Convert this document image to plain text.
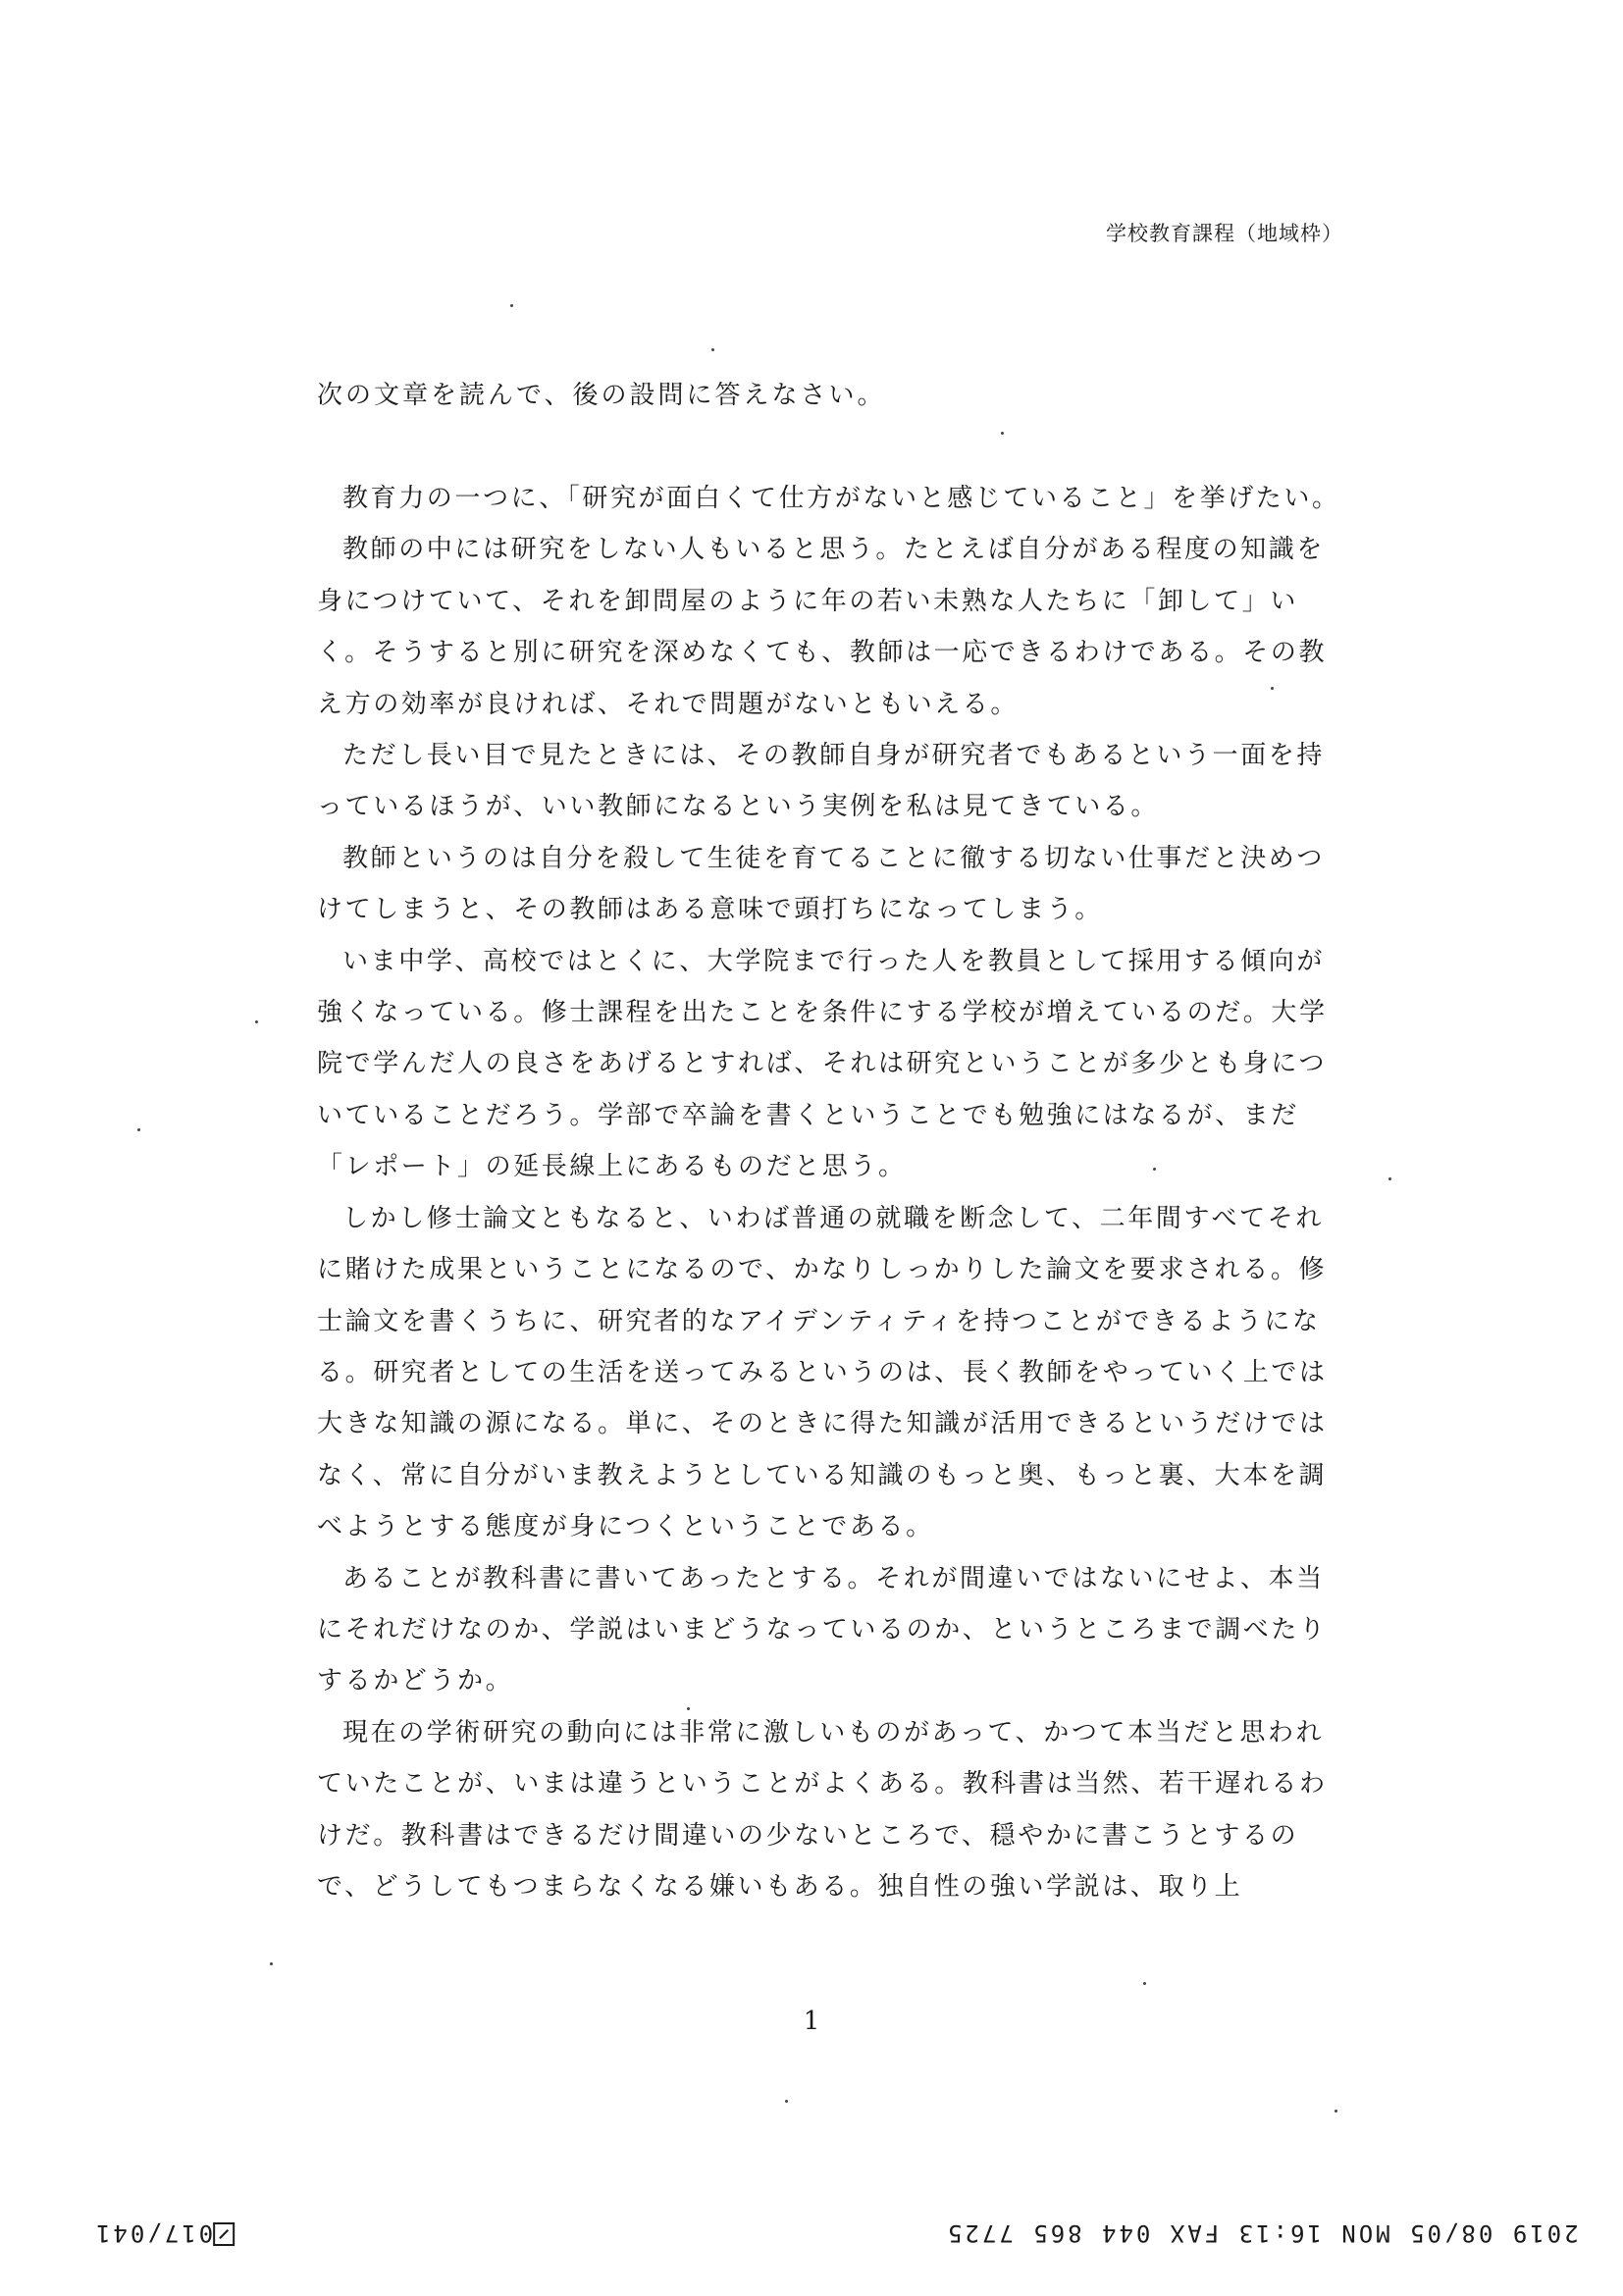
学校教育課程（地域枠）
次の文章を読んで、後の設問に答えなさい。

教育力の一つに、「研究が面白くて仕方がないと感じていること」を挙げたい。

教師の中には研究をしない人もいると思う。たとえば自分がある程度の知識を身につけていて、それを卸問屋のように年の若い未熟な人たちに「卸して」いく。そうすると別に研究を深めなくても、教師は一応できるわけである。その教え方の効率が良ければ、それで問題がないともいえる。

ただし長い目で見たときには、その教師自身が研究者でもあるという一面を持っているほうが、いい教師になるという実例を私は見てきている。

教師というのは自分を殺して生徒を育てることに徹する切ない仕事だと決めつけてしまうと、その教師はある意味で頭打ちになってしまう。

いま中学、高校ではとくに、大学院まで行った人を教員として採用する傾向が強くなっている。修士課程を出たことを条件にする学校が増えているのだ。大学院で学んだ人の良さをあげるとすれば、それは研究ということが多少とも身についていることだろう。学部で卒論を書くということでも勉強にはなるが、まだ「レポート」の延長線上にあるものだと思う。

しかし修士論文ともなると、いわば普通の就職を断念して、二年間すべてそれに賭けた成果ということになるので、かなりしっかりした論文を要求される。修士論文を書くうちに、研究者的なアイデンティティを持つことができるようになる。研究者としての生活を送ってみるというのは、長く教師をやっていく上では大きな知識の源になる。単に、そのときに得た知識が活用できるというだけではなく、常に自分がいま教えようとしている知識のもっと奥、もっと裏、大本を調べようとする態度が身につくということである。

あることが教科書に書いてあったとする。それが間違いではないにせよ、本当にそれだけなのか、学説はいまどうなっているのか、というところまで調べたりするかどうか。

現在の学術研究の動向には非常に激しいものがあって、かつて本当だと思われていたことが、いまは違うということがよくある。教科書は当然、若干遅れるわけだ。教科書はできるだけ間違いの少ないところで、穏やかに書こうとするので、どうしてもつまらなくなる嫌いもある。独自性の強い学説は、取り上

1
017/041	2019 08/05 MON 16:13 FAX 044 865 7725
